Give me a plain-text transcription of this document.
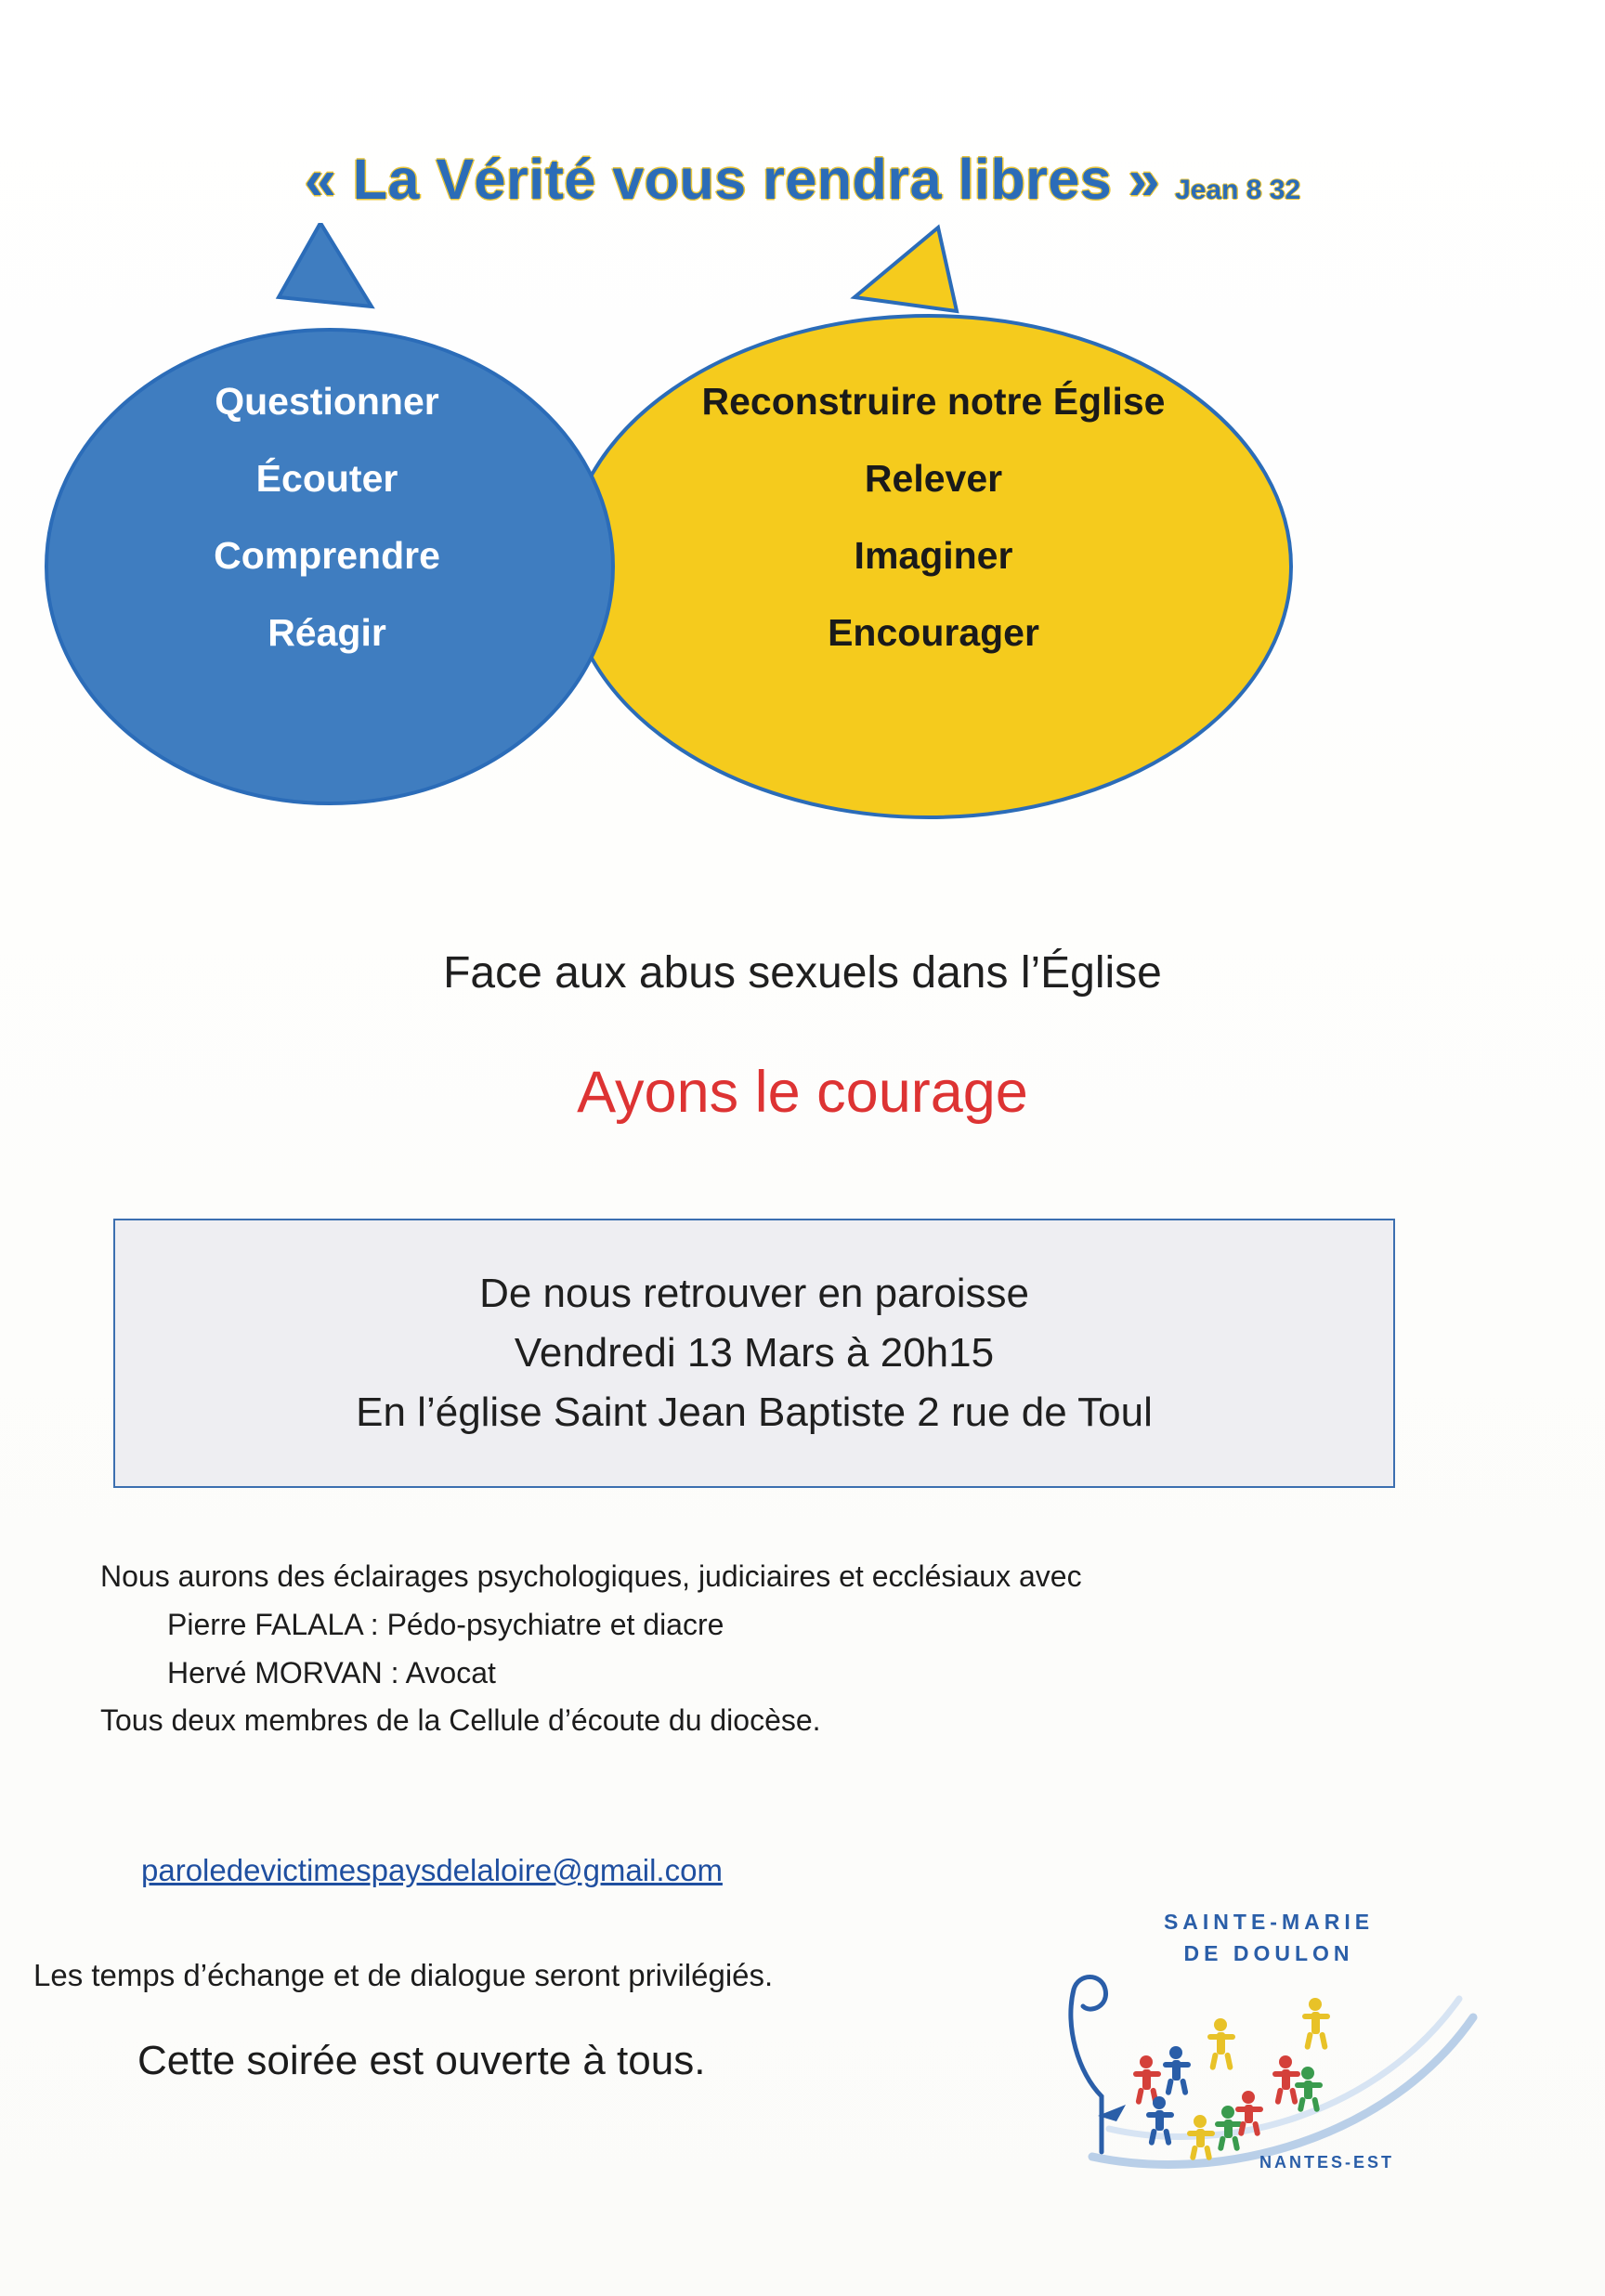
« La Vérité vous rendra libres » Jean 8 32
Questionner
Écouter
Comprendre
Réagir
Reconstruire notre Église
Relever
Imaginer
Encourager
Face aux abus sexuels dans l’Église
Ayons le courage
De nous retrouver en paroisse
Vendredi 13 Mars à 20h15
En l’église Saint Jean Baptiste 2 rue de Toul
Nous aurons des éclairages psychologiques, judiciaires et ecclésiaux avec
Pierre FALALA : Pédo-psychiatre et diacre
Hervé MORVAN : Avocat
Tous deux membres de la Cellule d’écoute du diocèse.
paroledevictimespaysdelaloire@gmail.com
Les temps d’échange et de dialogue seront privilégiés.
Cette soirée est ouverte à tous.
SAINTE-MARIE
DE DOULON
NANTES-EST
